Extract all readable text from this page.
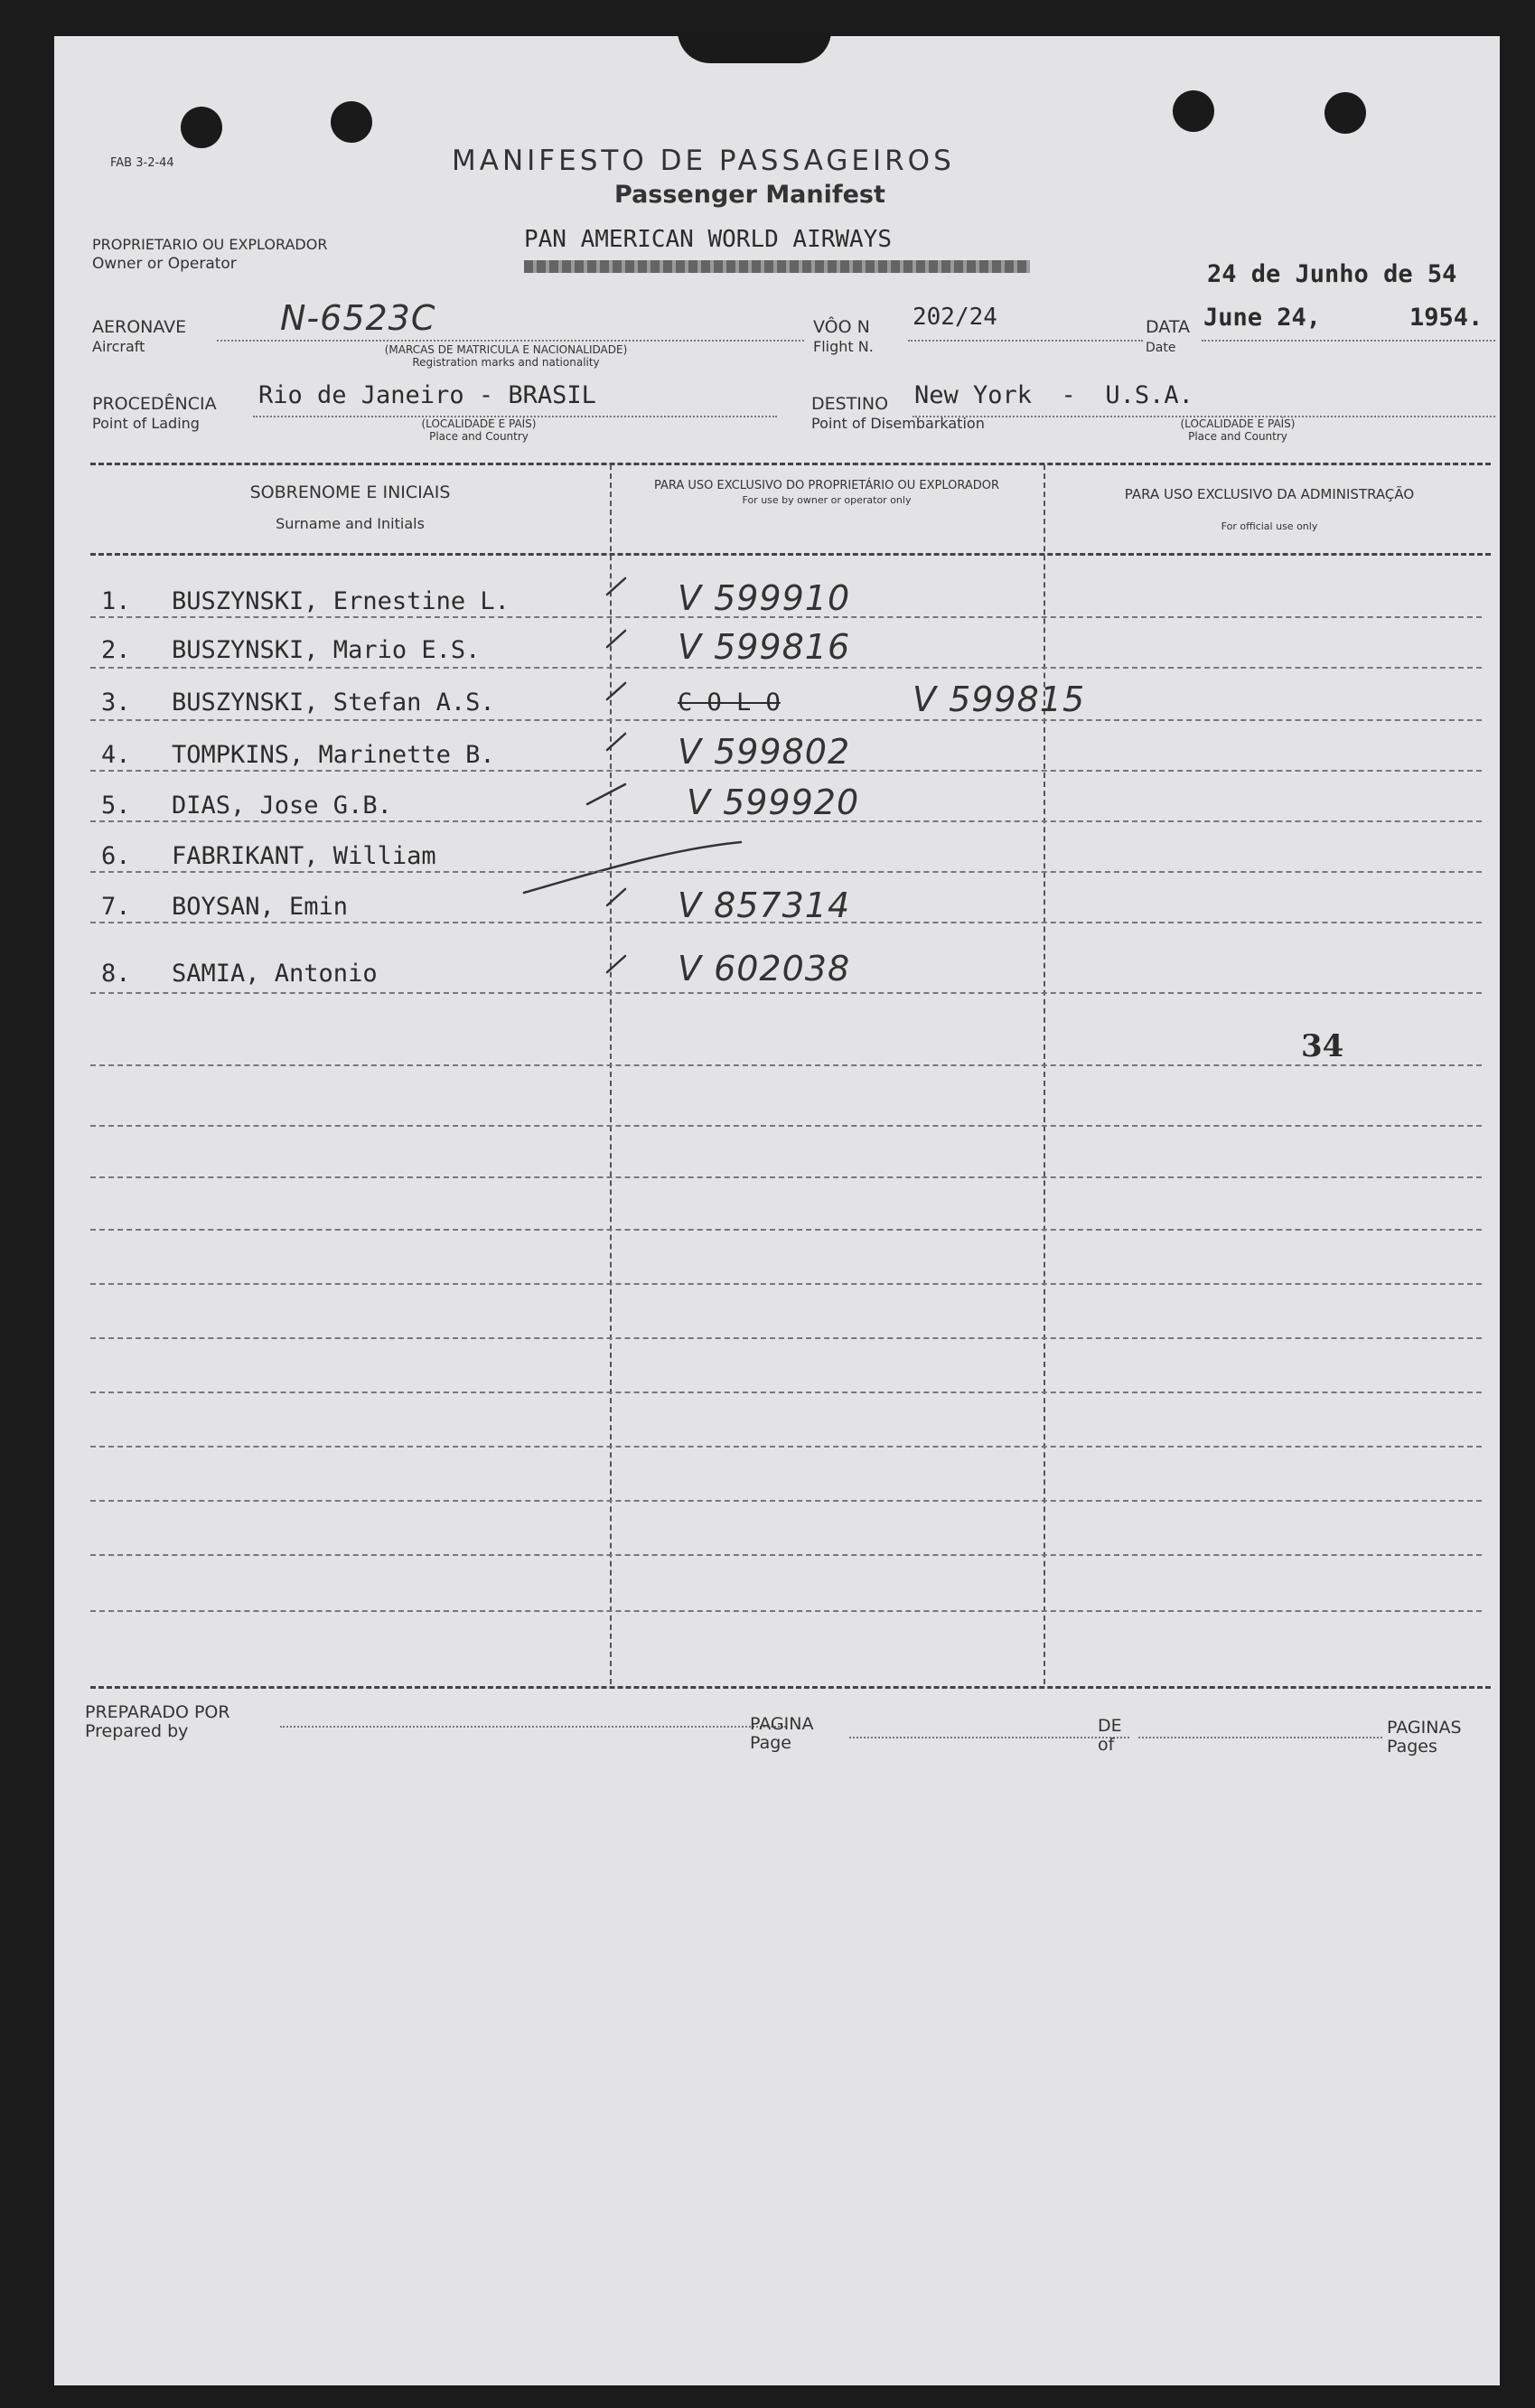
FAB 3-2-44	MANIFESTO DE PASSAGEIROS
Passenger Manifest
PROPRIETARIO OU EXPLORADOR
Owner or Operator
PAN AMERICAN WORLD AIRWAYS
24 de Junho de 54
AERONAVE
Aircraft
N-6523C
(MARCAS DE MATRICULA E NACIONALIDADE)
Registration marks and nationality
VÔO N
Flight N.
202/24	DATA
Date
June 24,	1954.
PROCEDÊNCIA
Point of Lading
Rio de Janeiro - BRASIL
(LOCALIDADE E PAÍS)
Place and Country
DESTINO
Point of Disembarkation
New York  -  U.S.A.
(LOCALIDADE E PAÍS)
Place and Country
SOBRENOME E INICIAIS
Surname and Initials
PARA USO EXCLUSIVO DO PROPRIETÁRIO OU EXPLORADOR
For use by owner or operator only	PARA USO EXCLUSIVO DA ADMINISTRAÇÃO
For official use only
1. BUSZYNSKI, Ernestine L.	V 599910
2. BUSZYNSKI, Mario E.S.	V 599816
3. BUSZYNSKI, Stefan A.S.	C O L O	V 599815
4. TOMPKINS, Marinette B.	V 599802
5. DIAS, Jose G.B.	V 599920
6. FABRIKANT, William
7. BOYSAN, Emin	V 857314
8. SAMIA, Antonio	V 602038
34
PREPARADO POR
Prepared by	PAGINA
Page
DE
of
PAGINAS
Pages
